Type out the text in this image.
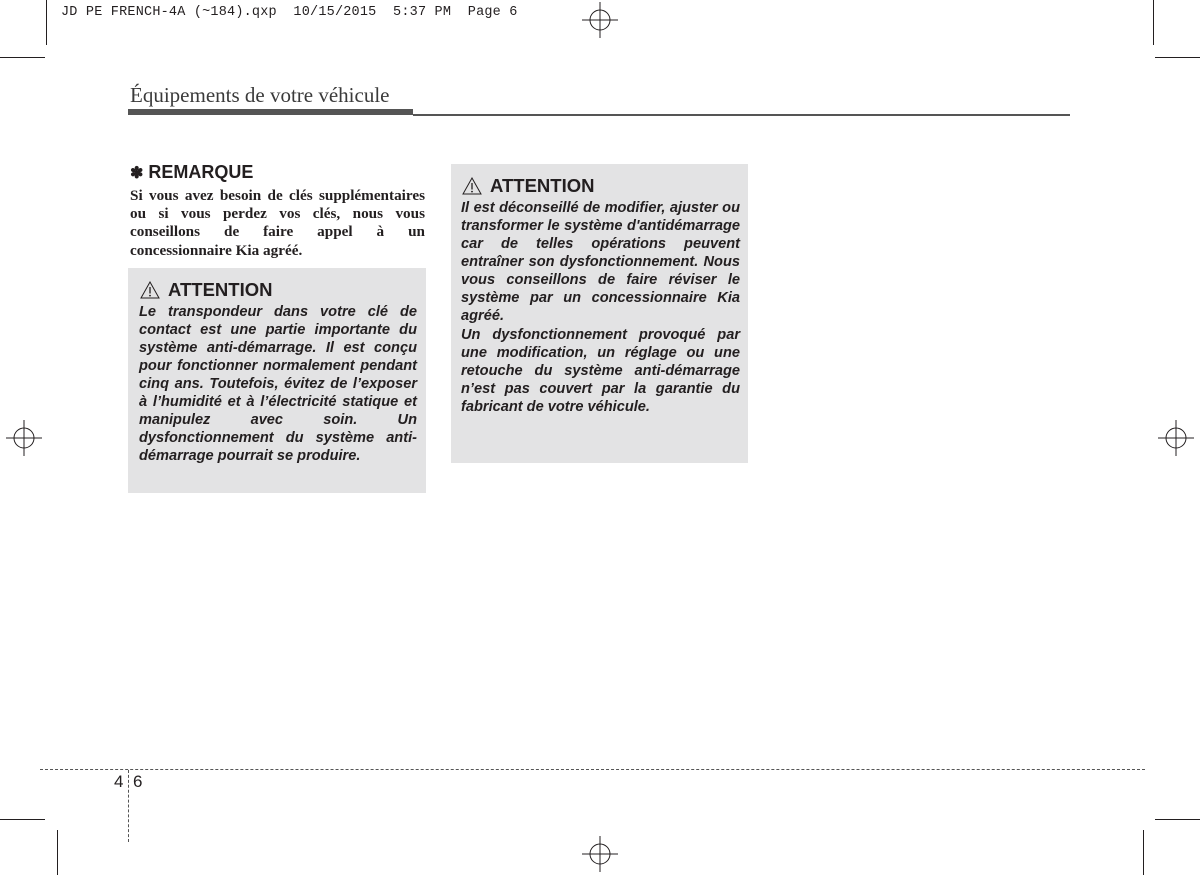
JD PE FRENCH-4A (~184).qxp  10/15/2015  5:37 PM  Page 6
Équipements de votre véhicule
✽ REMARQUE
Si vous avez besoin de clés supplémentaires ou si vous perdez vos clés, nous vous conseillons de faire appel à un concessionnaire Kia agréé.
ATTENTION

Le transpondeur dans votre clé de contact est une partie importante du système anti-démarrage. Il est conçu pour fonctionner normalement pendant cinq ans. Toutefois, évitez de l’exposer à l’humidité et à l’électricité statique et manipulez avec soin. Un dysfonctionnement du système anti-démarrage pourrait se produire.

ATTENTION

Il est déconseillé de modifier, ajuster ou transformer le système d'antidémarrage car de telles opérations peuvent entraîner son dysfonctionnement. Nous vous conseillons de faire réviser le système par un concessionnaire Kia agréé.

Un dysfonctionnement provoqué par une modification, un réglage ou une retouche du système anti-démarrage n’est pas couvert par la garantie du fabricant de votre véhicule.

4 6
